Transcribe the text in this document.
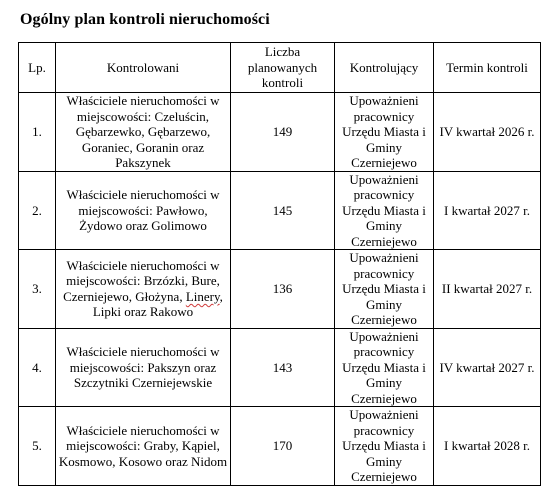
Ogólny plan kontroli nieruchomości
Lp.	Kontrolowani	Liczba planowanych kontroli	Kontrolujący	Termin kontroli
1.	Właściciele nieruchomości w miejscowości: Czeluścin, Gębarzewko, Gębarzewo, Goraniec, Goranin oraz Pakszynek	149	Upoważnieni pracownicy Urzędu Miasta i Gminy Czerniejewo	IV kwartał 2026 r.
2.	Właściciele nieruchomości w miejscowości: Pawłowo, Żydowo oraz Golimowo	145	Upoważnieni pracownicy Urzędu Miasta i Gminy Czerniejewo	I kwartał 2027 r.
3.	Właściciele nieruchomości w miejscowości: Brzózki, Bure, Czerniejewo, Głożyna, Linery, Lipki oraz Rakowo	136	Upoważnieni pracownicy Urzędu Miasta i Gminy Czerniejewo	II kwartał 2027 r.
4.	Właściciele nieruchomości w miejscowości: Pakszyn oraz Szczytniki Czerniejewskie	143	Upoważnieni pracownicy Urzędu Miasta i Gminy Czerniejewo	IV kwartał 2027 r.
5.	Właściciele nieruchomości w miejscowości: Graby, Kąpiel, Kosmowo, Kosowo oraz Nidom	170	Upoważnieni pracownicy Urzędu Miasta i Gminy Czerniejewo	I kwartał 2028 r.
